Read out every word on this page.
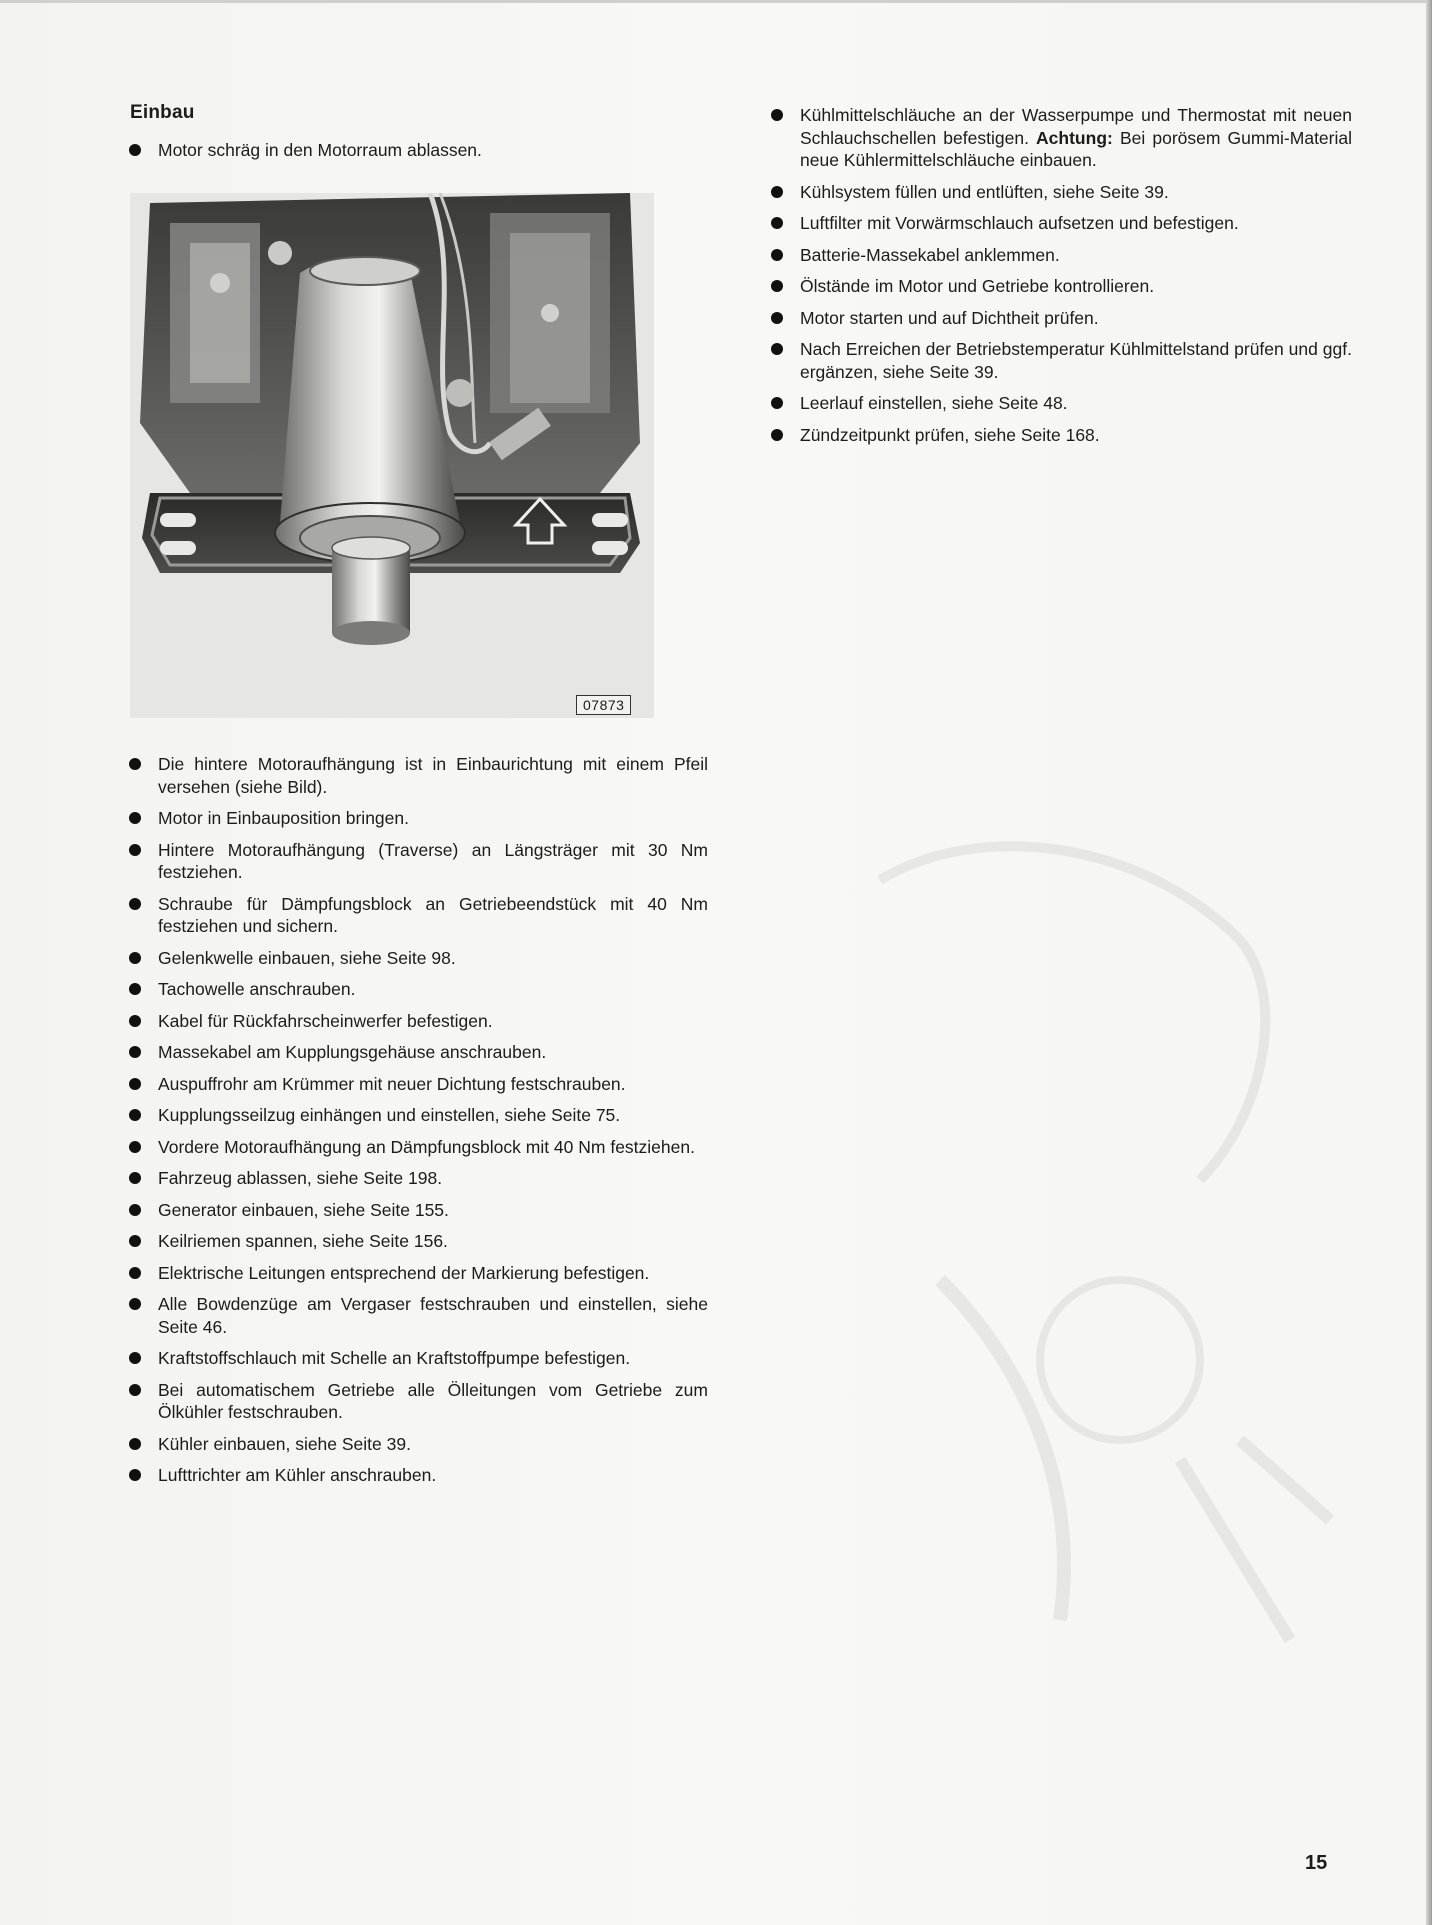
Einbau
Motor schräg in den Motorraum ablassen.
07873
Die hintere Motoraufhängung ist in Einbaurichtung mit einem Pfeil versehen (siehe Bild).
Motor in Einbauposition bringen.
Hintere Motoraufhängung (Traverse) an Längsträger mit 30 Nm festziehen.
Schraube für Dämpfungsblock an Getriebeendstück mit 40 Nm festziehen und sichern.
Gelenkwelle einbauen, siehe Seite 98.
Tachowelle anschrauben.
Kabel für Rückfahrscheinwerfer befestigen.
Massekabel am Kupplungsgehäuse anschrauben.
Auspuffrohr am Krümmer mit neuer Dichtung festschrauben.
Kupplungsseilzug einhängen und einstellen, siehe Seite 75.
Vordere Motoraufhängung an Dämpfungsblock mit 40 Nm festziehen.
Fahrzeug ablassen, siehe Seite 198.
Generator einbauen, siehe Seite 155.
Keilriemen spannen, siehe Seite 156.
Elektrische Leitungen entsprechend der Markierung befestigen.
Alle Bowdenzüge am Vergaser festschrauben und einstellen, siehe Seite 46.
Kraftstoffschlauch mit Schelle an Kraftstoffpumpe befestigen.
Bei automatischem Getriebe alle Ölleitungen vom Getriebe zum Ölkühler festschrauben.
Kühler einbauen, siehe Seite 39.
Lufttrichter am Kühler anschrauben.
Kühlmittelschläuche an der Wasserpumpe und Thermostat mit neuen Schlauchschellen befestigen. Achtung: Bei porösem Gummi-Material neue Kühlermittelschläuche einbauen.
Kühlsystem füllen und entlüften, siehe Seite 39.
Luftfilter mit Vorwärmschlauch aufsetzen und befestigen.
Batterie-Massekabel anklemmen.
Ölstände im Motor und Getriebe kontrollieren.
Motor starten und auf Dichtheit prüfen.
Nach Erreichen der Betriebstemperatur Kühlmittelstand prüfen und ggf. ergänzen, siehe Seite 39.
Leerlauf einstellen, siehe Seite 48.
Zündzeitpunkt prüfen, siehe Seite 168.
15
